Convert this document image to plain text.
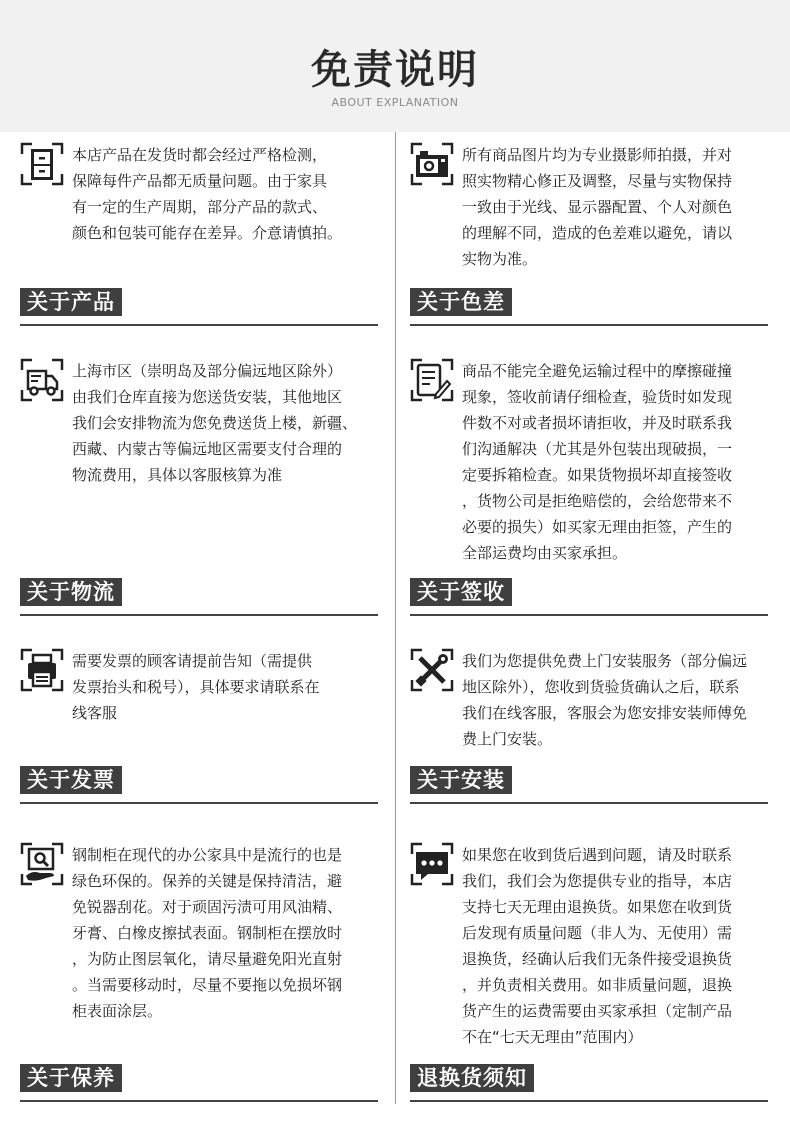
免责说明
ABOUT EXPLANATION
本店产品在发货时都会经过严格检测，
保障每件产品都无质量问题。由于家具
有一定的生产周期，部分产品的款式、
颜色和包装可能存在差异。介意请慎拍。
关于产品
上海市区（崇明岛及部分偏远地区除外）
由我们仓库直接为您送货安装，其他地区
我们会安排物流为您免费送货上楼，新疆、
西藏、内蒙古等偏远地区需要支付合理的
物流费用，具体以客服核算为准
关于物流
需要发票的顾客请提前告知（需提供
发票抬头和税号），具体要求请联系在
线客服
关于发票
钢制柜在现代的办公家具中是流行的也是
绿色环保的。保养的关键是保持清洁，避
免锐器刮花。对于顽固污渍可用风油精、
牙膏、白橡皮擦拭表面。钢制柜在摆放时
，为防止图层氧化，请尽量避免阳光直射
。当需要移动时，尽量不要拖以免损坏钢
柜表面涂层。
关于保养
所有商品图片均为专业摄影师拍摄，并对
照实物精心修正及调整，尽量与实物保持
一致由于光线、显示器配置、个人对颜色
的理解不同，造成的色差难以避免，请以
实物为准。
关于色差
商品不能完全避免运输过程中的摩擦碰撞
现象，签收前请仔细检查，验货时如发现
件数不对或者损坏请拒收，并及时联系我
们沟通解决（尤其是外包装出现破损，一
定要拆箱检查。如果货物损坏却直接签收
，货物公司是拒绝赔偿的，会给您带来不
必要的损失）如买家无理由拒签，产生的
全部运费均由买家承担。
关于签收
我们为您提供免费上门安装服务（部分偏远
地区除外），您收到货验货确认之后，联系
我们在线客服，客服会为您安排安装师傅免
费上门安装。
关于安装
如果您在收到货后遇到问题，请及时联系
我们，我们会为您提供专业的指导，本店
支持七天无理由退换货。如果您在收到货
后发现有质量问题（非人为、无使用）需
退换货，经确认后我们无条件接受退换货
，并负责相关费用。如非质量问题，退换
货产生的运费需要由买家承担（定制产品
不在“七天无理由”范围内）
退换货须知
